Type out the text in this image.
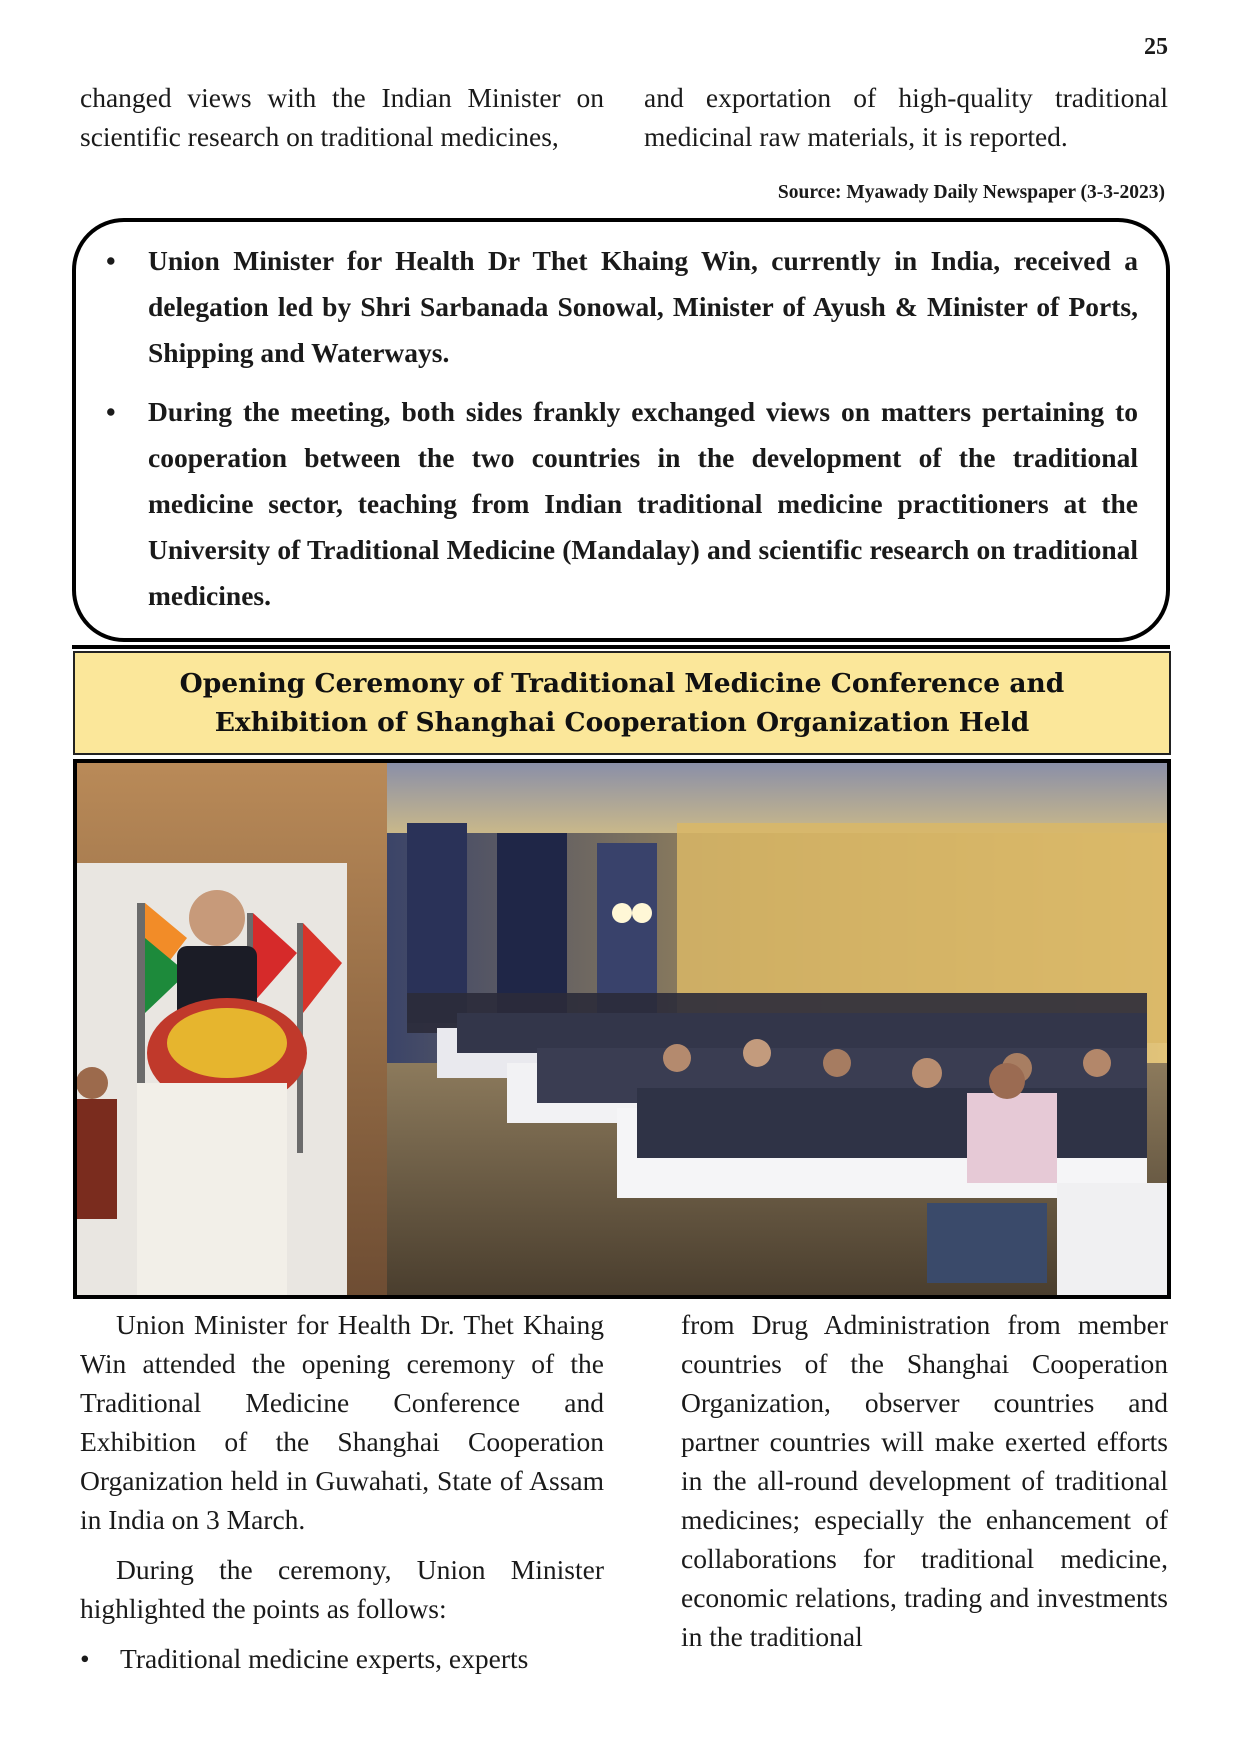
25

changed views with the Indian Minister on scientific research on traditional medicines,

and exportation of high-quality traditional medicinal raw materials, it is reported.

Source: Myawady Daily Newspaper (3-3-2023)
• Union Minister for Health Dr Thet Khaing Win, currently in India, received a delegation led by Shri Sarbanada Sonowal, Minister of Ayush & Minister of Ports, Shipping and Waterways.
• During the meeting, both sides frankly exchanged views on matters pertaining to cooperation between the two countries in the development of the traditional medicine sector, teaching from Indian traditional medicine practitioners at the University of Traditional Medicine (Mandalay) and scientific research on traditional medicines.
Opening Ceremony of Traditional Medicine Conference and Exhibition of Shanghai Cooperation Organization Held

Union Minister for Health Dr. Thet Khaing Win attended the opening ceremony of the Traditional Medicine Conference and Exhibition of the Shanghai Cooperation Organization held in Guwahati, State of Assam in India on 3 March.

During the ceremony, Union Minister highlighted the points as follows:

• Traditional medicine experts, experts

from Drug Administration from member countries of the Shanghai Cooperation Organization, observer countries and partner countries will make exerted efforts in the all-round development of traditional medicines; especially the enhancement of collaborations for traditional medicine, economic relations, trading and investments in the traditional
